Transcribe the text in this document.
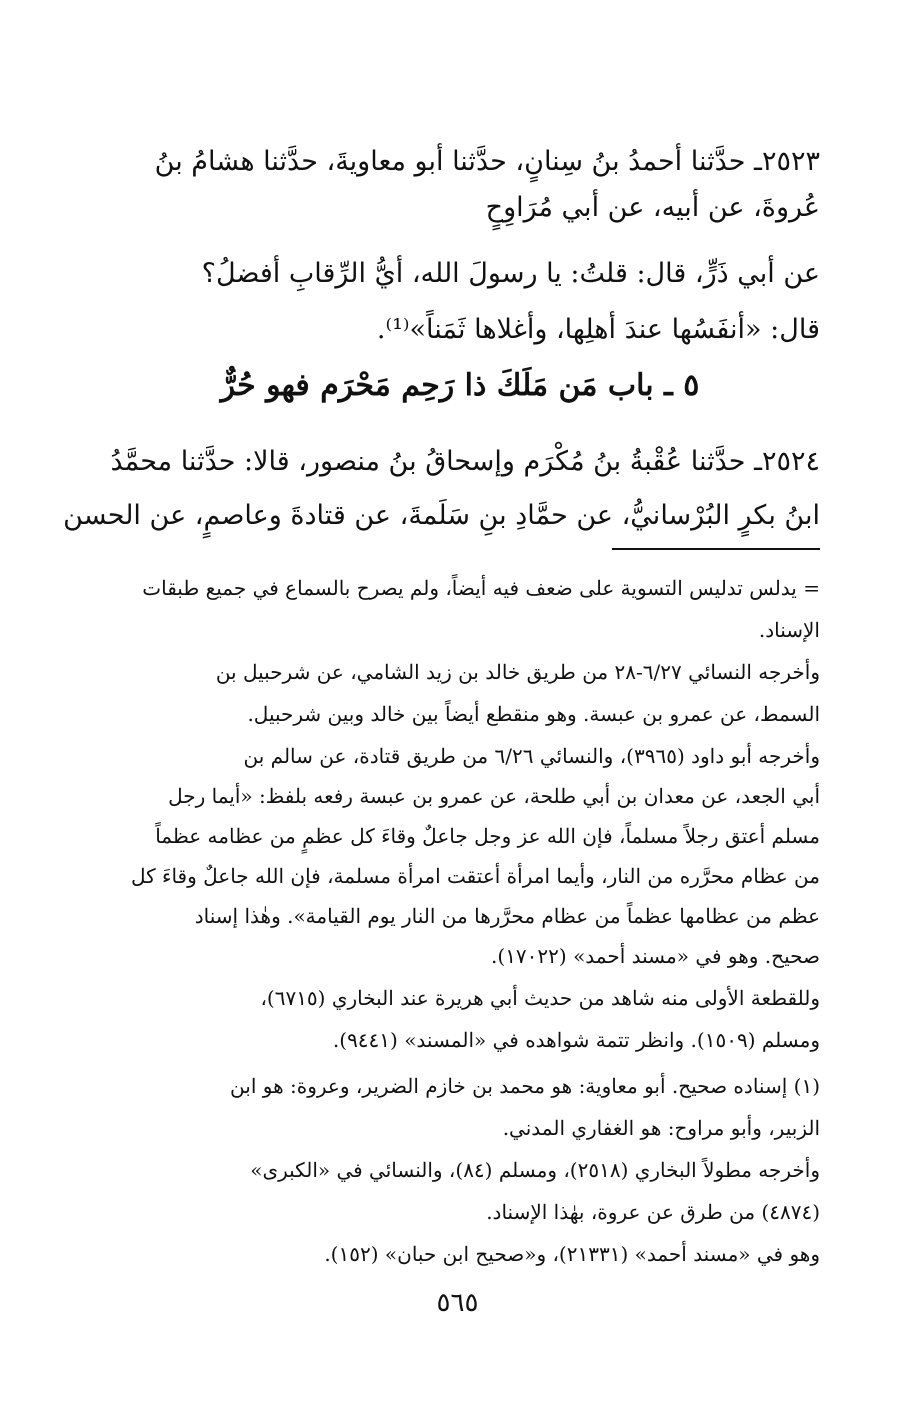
٢٥٢٣ـ حدَّثنا أحمدُ بنُ سِنانٍ، حدَّثنا أبو معاويةَ، حدَّثنا هشامُ بنُ
عُروةَ، عن أبيه، عن أبي مُرَاوِحٍ
عن أبي ذَرٍّ، قال: قلتُ: يا رسولَ الله، أيُّ الرِّقابِ أفضلُ؟
قال: «أنفَسُها عندَ أهلِها، وأغلاها ثَمَناً»⁽¹⁾.
٥ ـ باب مَن مَلَكَ ذا رَحِم مَحْرَم فهو حُرٌّ
٢٥٢٤ـ حدَّثنا عُقْبةُ بنُ مُكْرَم وإسحاقُ بنُ منصور، قالا: حدَّثنا محمَّدُ
ابنُ بكرٍ البُرْسانيُّ، عن حمَّادِ بنِ سَلَمةَ، عن قتادةَ وعاصمٍ، عن الحسن
= يدلس تدليس التسوية على ضعف فيه أيضاً، ولم يصرح بالسماع في جميع طبقات
الإسناد.
وأخرجه النسائي ٦/٢٧-٢٨ من طريق خالد بن زيد الشامي، عن شرحبيل بن
السمط، عن عمرو بن عبسة. وهو منقطع أيضاً بين خالد وبين شرحبيل.
وأخرجه أبو داود (٣٩٦٥)، والنسائي ٦/٢٦ من طريق قتادة، عن سالم بن
أبي الجعد، عن معدان بن أبي طلحة، عن عمرو بن عبسة رفعه بلفظ: «أيما رجل
مسلم أعتق رجلاً مسلماً، فإن الله عز وجل جاعلٌ وقاءَ كل عظمٍ من عظامه عظماً
من عظام محرَّره من النار، وأيما امرأة أعتقت امرأة مسلمة، فإن الله جاعلٌ وقاءَ كل
عظم من عظامها عظماً من عظام محرَّرها من النار يوم القيامة». وهٰذا إسناد
صحيح. وهو في «مسند أحمد» (١٧٠٢٢).
وللقطعة الأولى منه شاهد من حديث أبي هريرة عند البخاري (٦٧١٥)،
ومسلم (١٥٠٩). وانظر تتمة شواهده في «المسند» (٩٤٤١).
(١) إسناده صحيح. أبو معاوية: هو محمد بن خازم الضرير، وعروة: هو ابن
الزبير، وأبو مراوح: هو الغفاري المدني.
وأخرجه مطولاً البخاري (٢٥١٨)، ومسلم (٨٤)، والنسائي في «الكبرى»
(٤٨٧٤) من طرق عن عروة، بهٰذا الإسناد.
وهو في «مسند أحمد» (٢١٣٣١)، و«صحيح ابن حبان» (١٥٢).
٥٦٥
